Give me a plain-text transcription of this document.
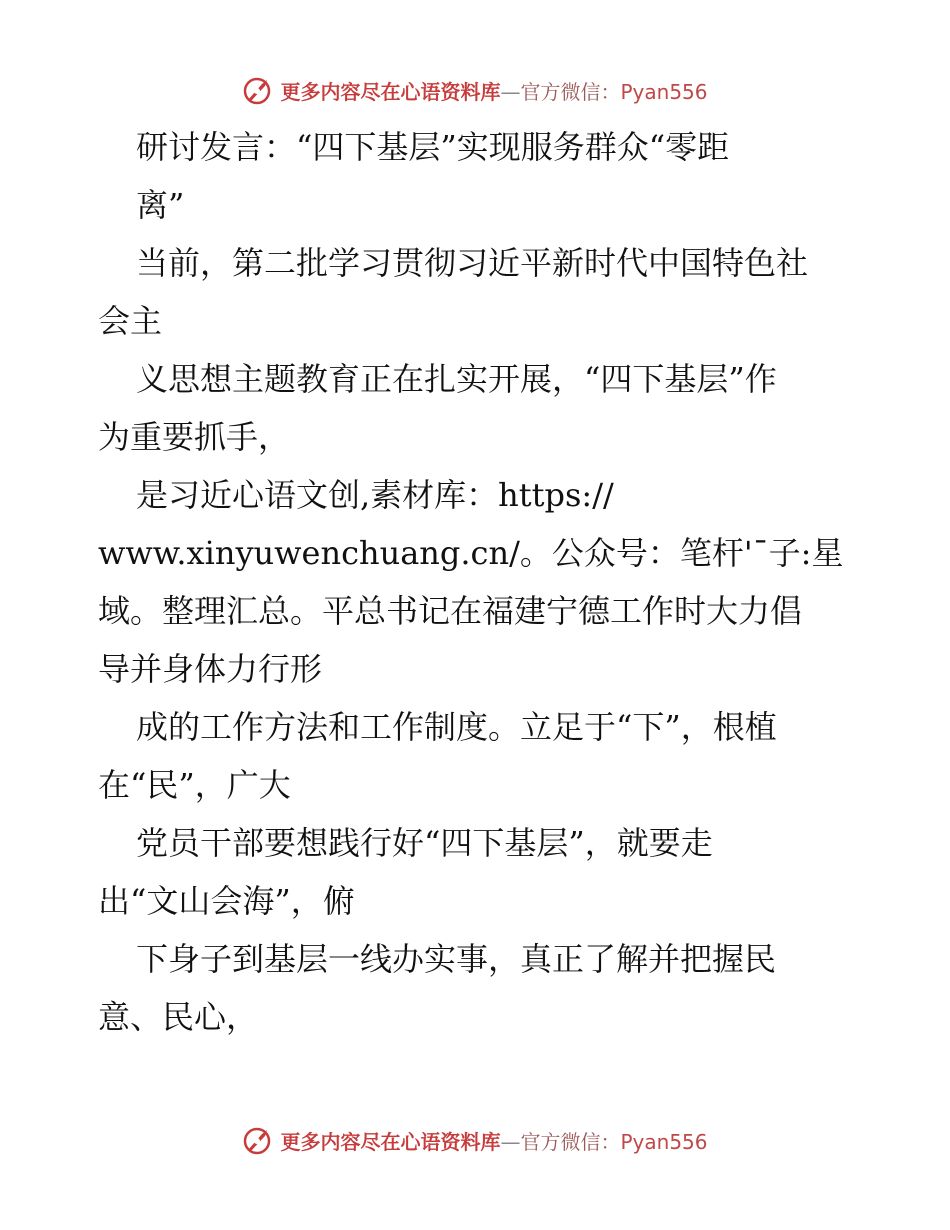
更多内容尽在心语资料库—官方微信：Pyan556
研讨发言：“四下基层”实现服务群众“零距
离”
当前，第二批学习贯彻习近平新时代中国特色社
会主
义思想主题教育正在扎实开展，“四下基层”作
为重要抓手，
是习近心语文创,素材库：https://
www.xinyuwenchuang.cn/。公众号：笔杆'¯子:星
域。整理汇总。平总书记在福建宁德工作时大力倡
导并身体力行形
成的工作方法和工作制度。立足于“下”，根植
在“民”，广大
党员干部要想践行好“四下基层”，就要走
出“文山会海”，俯
下身子到基层一线办实事，真正了解并把握民
意、民心，
更多内容尽在心语资料库—官方微信：Pyan556
